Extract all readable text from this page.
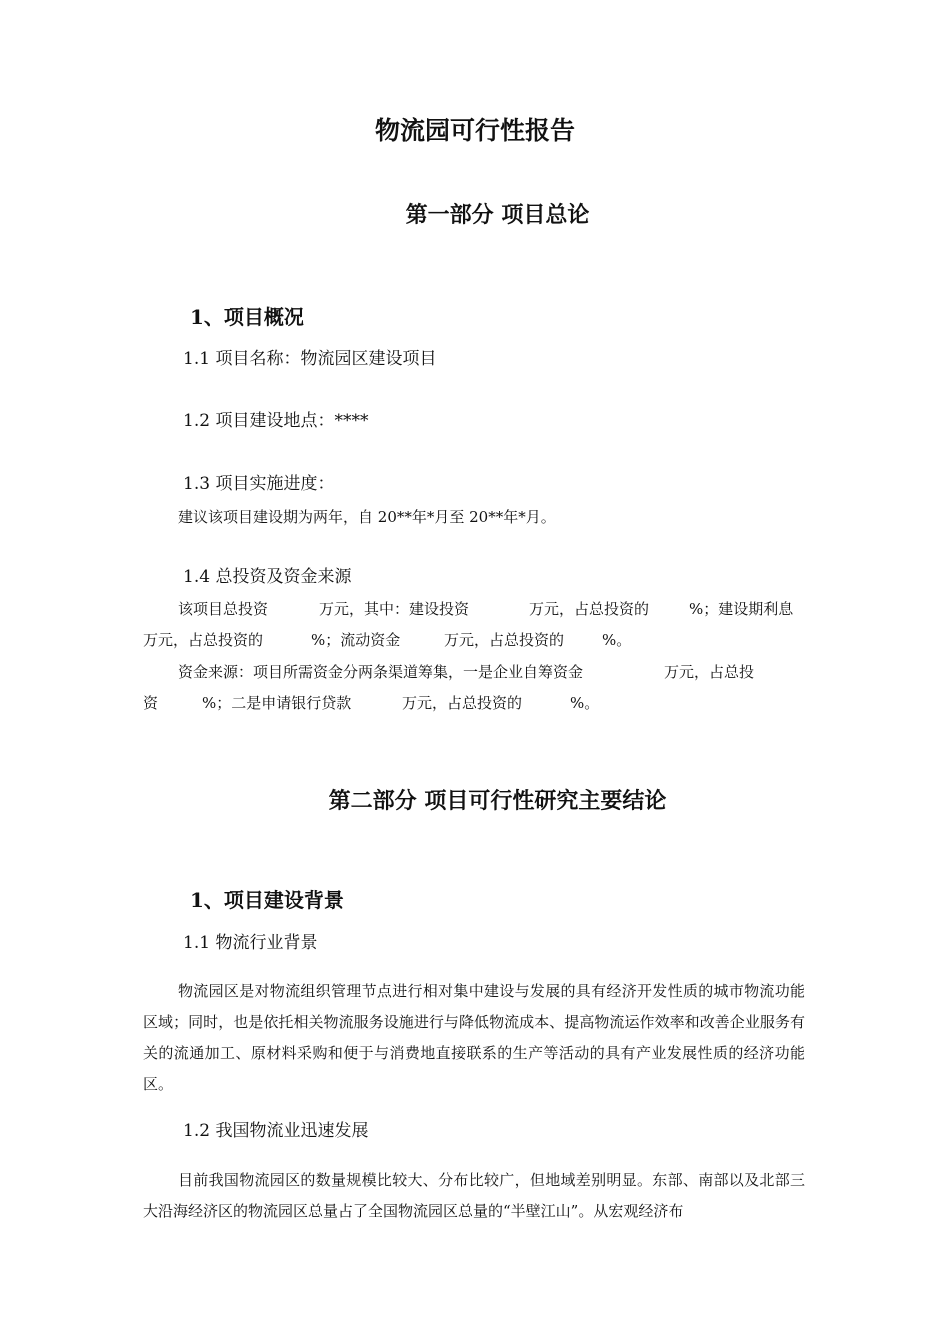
物流园可行性报告
第一部分 项目总论
1、项目概况

1.1 项目名称：物流园区建设项目

1.2 项目建设地点：****

1.3 项目实施进度：

建议该项目建设期为两年，自 20**年*月至 20**年*月。

1.4 总投资及资金来源

该项目总投资	万元，其中：建设投资	万元，占总投资的	%；建设期利息
万元，占总投资的	%；流动资金	万元，占总投资的	%。
资金来源：项目所需资金分两条渠道筹集，一是企业自筹资金	万元，占总投
资	%；二是申请银行贷款	万元，占总投资的	%。
第二部分 项目可行性研究主要结论
1、项目建设背景

1.1 物流行业背景

物流园区是对物流组织管理节点进行相对集中建设与发展的具有经济开发性质的城市物流功能区域；同时，也是依托相关物流服务设施进行与降低物流成本、提高物流运作效率和改善企业服务有关的流通加工、原材料采购和便于与消费地直接联系的生产等活动的具有产业发展性质的经济功能区。

1.2 我国物流业迅速发展

目前我国物流园区的数量规模比较大、分布比较广，但地域差别明显。东部、南部以及北部三大沿海经济区的物流园区总量占了全国物流园区总量的“半壁江山”。从宏观经济布
